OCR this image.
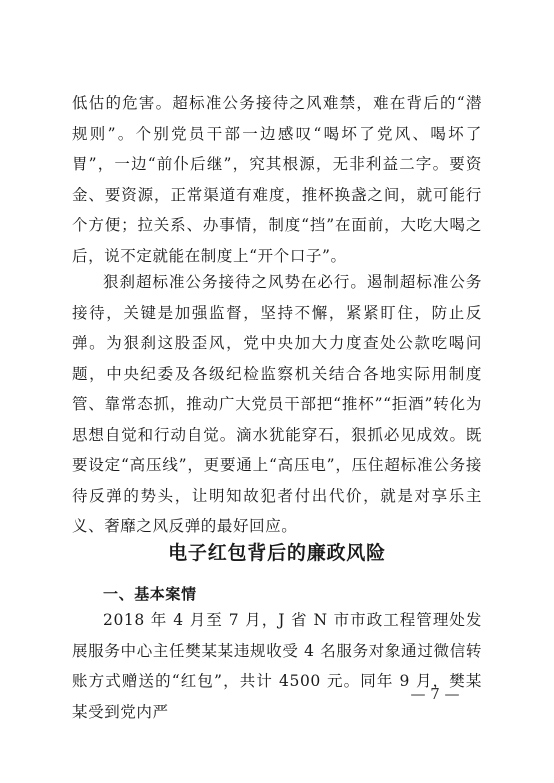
低估的危害。超标准公务接待之风难禁，难在背后的“潜规则”。个别党员干部一边感叹“喝坏了党风、喝坏了胃”，一边“前仆后继”，究其根源，无非利益二字。要资金、要资源，正常渠道有难度，推杯换盏之间，就可能行个方便；拉关系、办事情，制度“挡”在面前，大吃大喝之后，说不定就能在制度上“开个口子”。
狠刹超标准公务接待之风势在必行。遏制超标准公务接待，关键是加强监督，坚持不懈，紧紧盯住，防止反弹。为狠刹这股歪风，党中央加大力度查处公款吃喝问题，中央纪委及各级纪检监察机关结合各地实际用制度管、靠常态抓，推动广大党员干部把“推杯”“拒酒”转化为思想自觉和行动自觉。滴水犹能穿石，狠抓必见成效。既要设定“高压线”，更要通上“高压电”，压住超标准公务接待反弹的势头，让明知故犯者付出代价，就是对享乐主义、奢靡之风反弹的最好回应。
电子红包背后的廉政风险
一、基本案情
2018 年 4 月至 7 月，J 省 N 市市政工程管理处发展服务中心主任樊某某违规收受 4 名服务对象通过微信转账方式赠送的“红包”，共计 4500 元。同年 9 月，樊某某受到党内严
— 7 —
